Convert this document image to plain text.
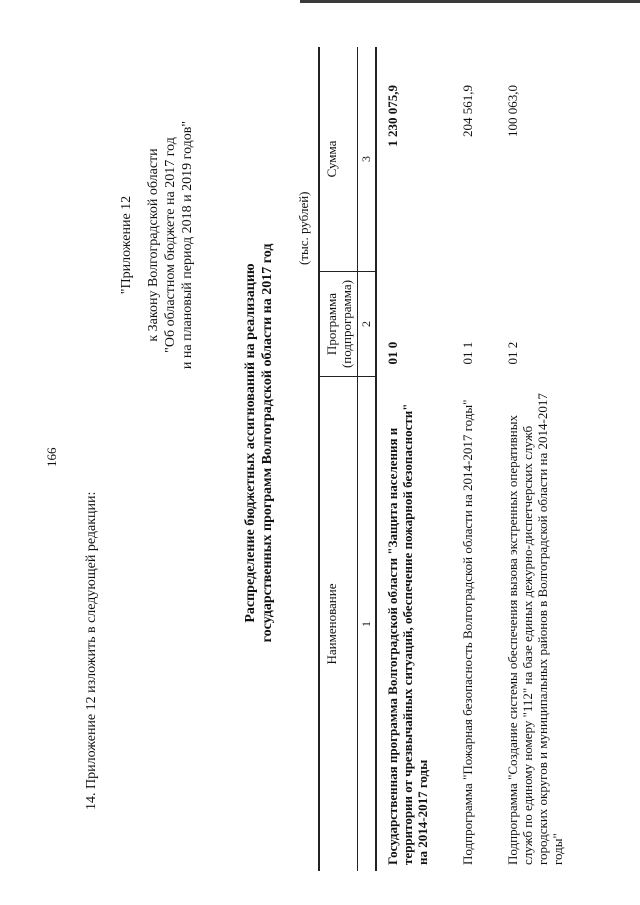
166
14. Приложение 12 изложить в следующей редакции:
"Приложение 12 к Закону Волгоградской области "Об областном бюджете на 2017 год и на плановый период 2018 и 2019 годов"
Распределение бюджетных ассигнований на реализацию государственных программ Волгоградской области на 2017 год
(тыс. рублей)
Наименование	Программа (подпрограмма)	Сумма
1	2	3
Государственная программа Волгоградской области "Защита населения и территории от чрезвычайных ситуаций, обеспечение пожарной безопасности" на 2014-2017 годы	01 0	1 230 075,9
Подпрограмма "Пожарная безопасность Волгоградской области на 2014-2017 годы"	01 1	204 561,9
Подпрограмма "Создание системы обеспечения вызова экстренных оперативных служб по единому номеру "112" на базе единых дежурно-диспетчерских служб городских округов и муниципальных районов в Волгоградской области на 2014-2017 годы"	01 2	100 063,0
